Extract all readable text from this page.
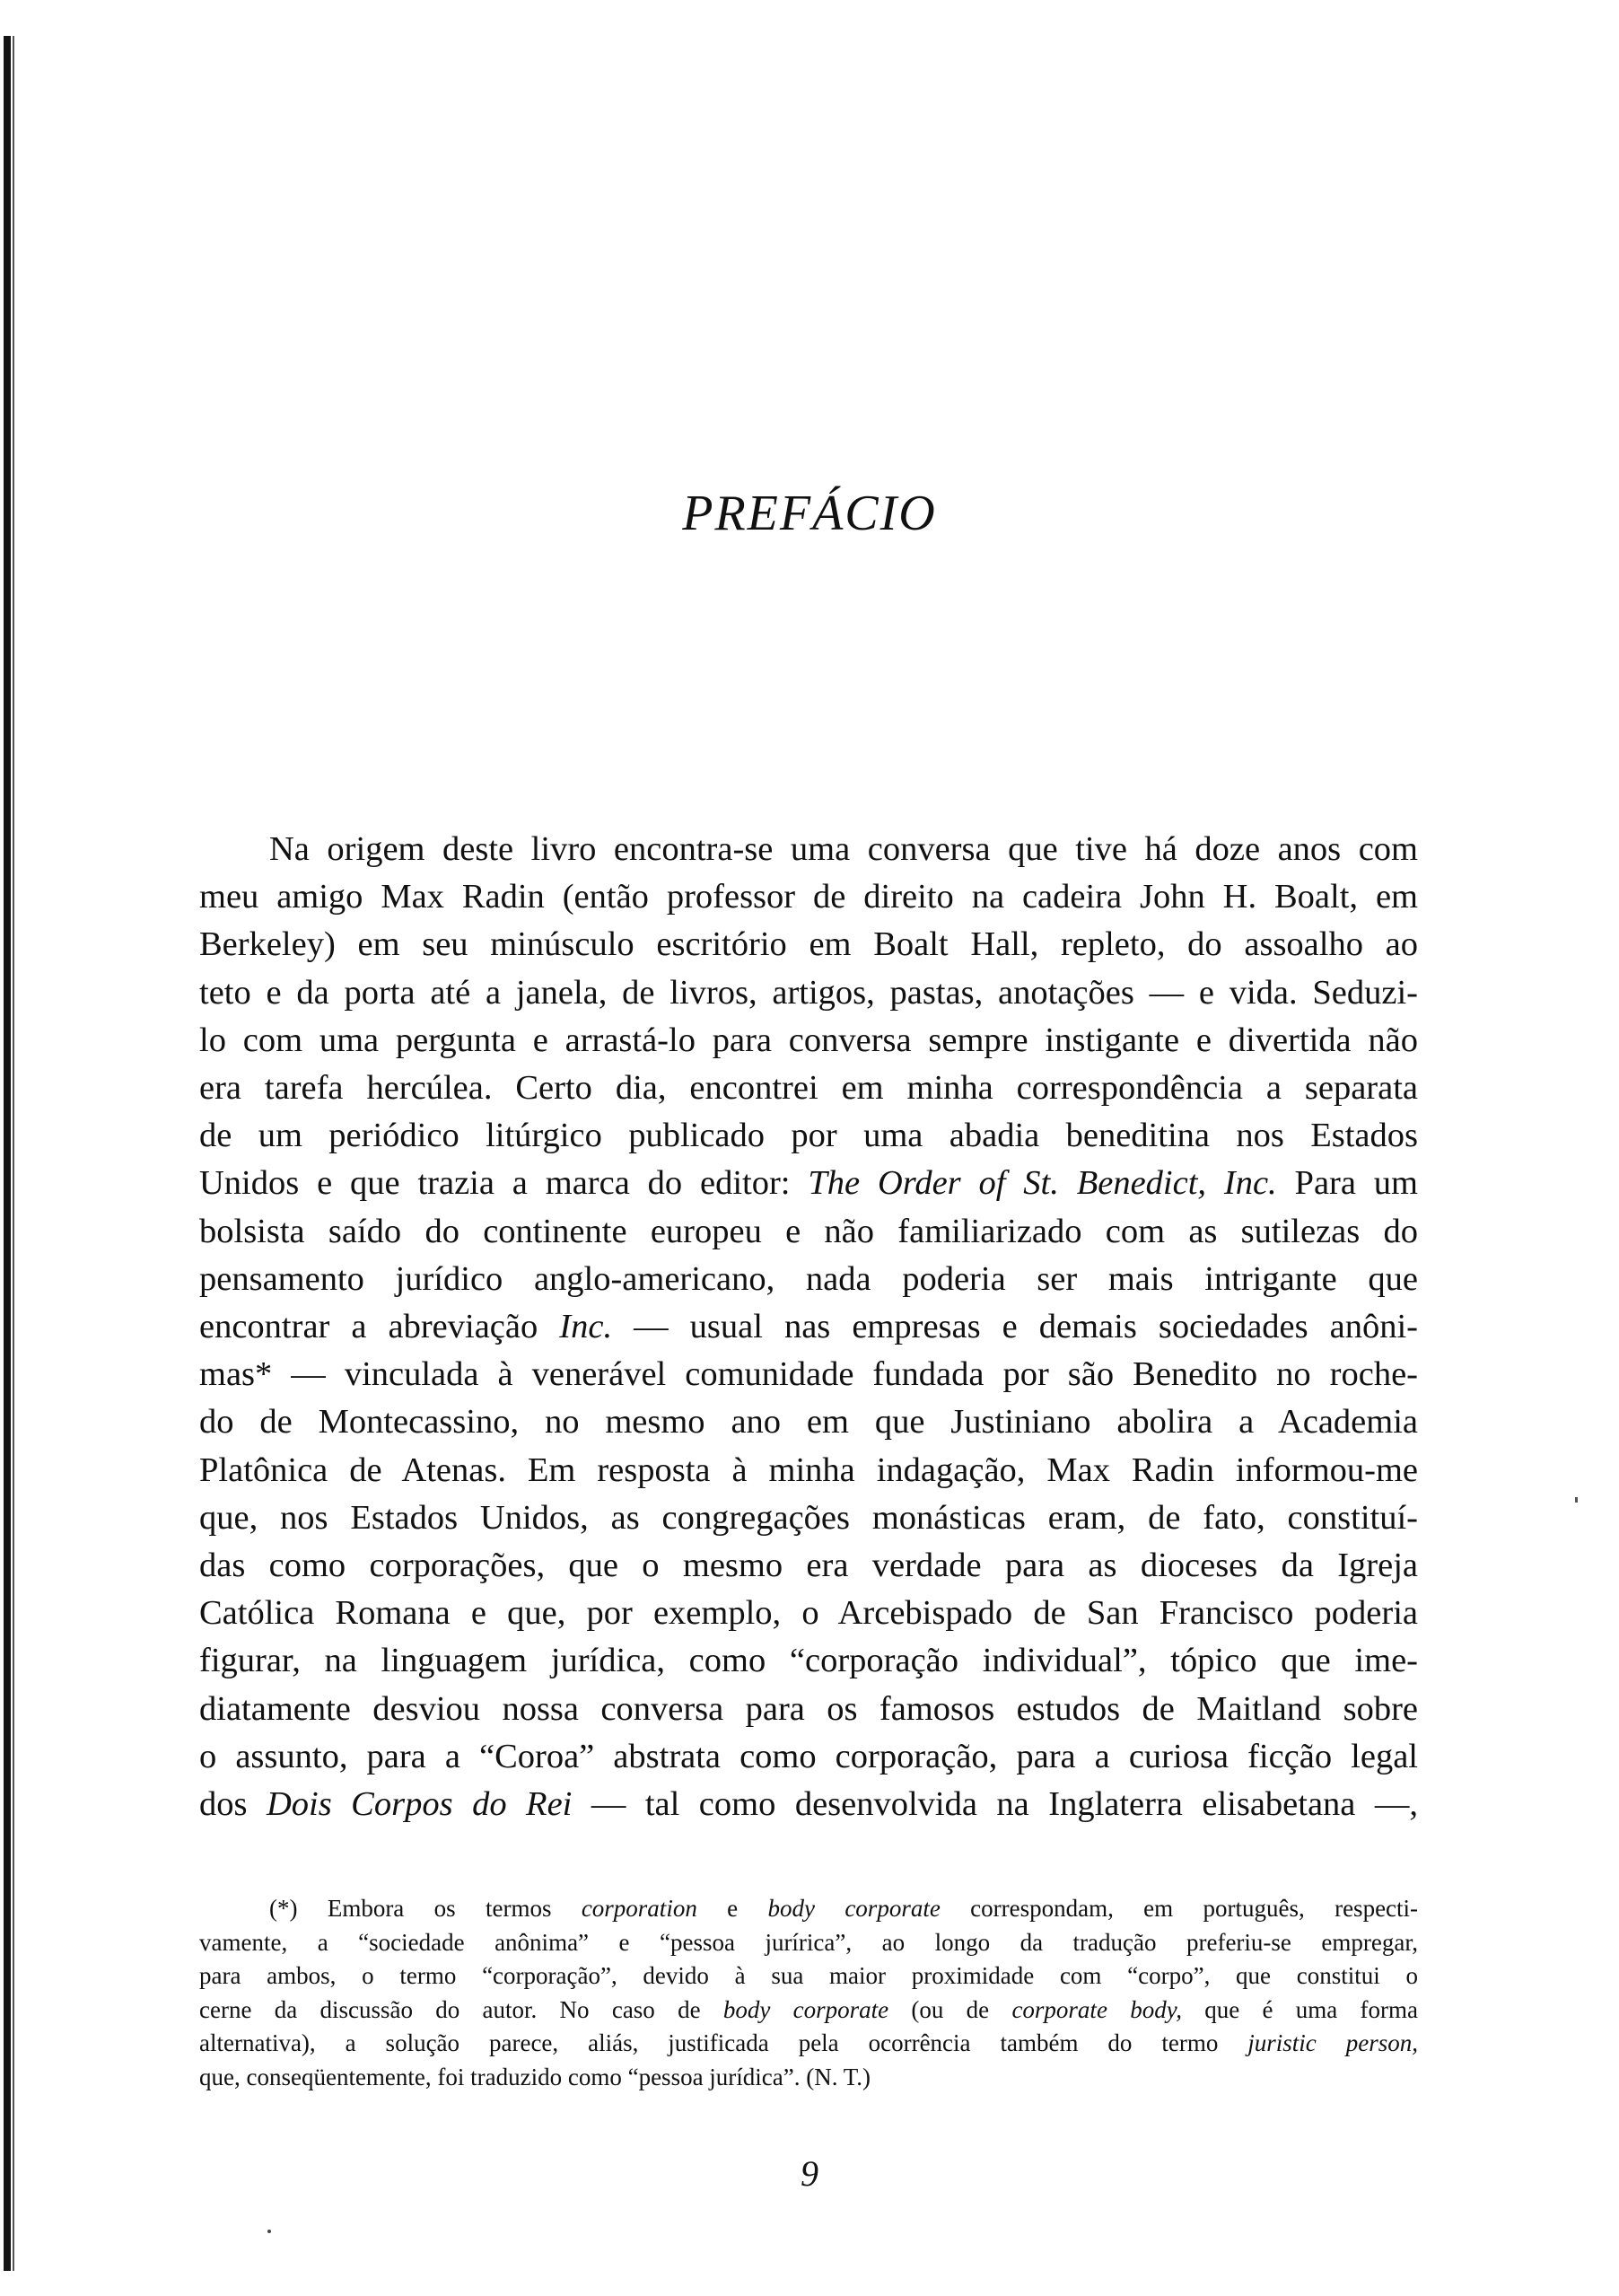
PREFÁCIO
Na origem deste livro encontra-se uma conversa que tive há doze anos com
meu amigo Max Radin (então professor de direito na cadeira John H. Boalt, em
Berkeley) em seu minúsculo escritório em Boalt Hall, repleto, do assoalho ao
teto e da porta até a janela, de livros, artigos, pastas, anotações — e vida. Seduzi-
lo com uma pergunta e arrastá-lo para conversa sempre instigante e divertida não
era tarefa hercúlea. Certo dia, encontrei em minha correspondência a separata
de um periódico litúrgico publicado por uma abadia beneditina nos Estados
Unidos e que trazia a marca do editor: The Order of St. Benedict, Inc. Para um
bolsista saído do continente europeu e não familiarizado com as sutilezas do
pensamento jurídico anglo-americano, nada poderia ser mais intrigante que
encontrar a abreviação Inc. — usual nas empresas e demais sociedades anôni-
mas* — vinculada à venerável comunidade fundada por são Benedito no roche-
do de Montecassino, no mesmo ano em que Justiniano abolira a Academia
Platônica de Atenas. Em resposta à minha indagação, Max Radin informou-me
que, nos Estados Unidos, as congregações monásticas eram, de fato, constituí-
das como corporações, que o mesmo era verdade para as dioceses da Igreja
Católica Romana e que, por exemplo, o Arcebispado de San Francisco poderia
figurar, na linguagem jurídica, como “corporação individual”, tópico que ime-
diatamente desviou nossa conversa para os famosos estudos de Maitland sobre
o assunto, para a “Coroa” abstrata como corporação, para a curiosa ficção legal
dos Dois Corpos do Rei — tal como desenvolvida na Inglaterra elisabetana —,
(*) Embora os termos corporation e body corporate correspondam, em português, respecti-
vamente, a “sociedade anônima” e “pessoa jurírica”, ao longo da tradução preferiu-se empregar,
para ambos, o termo “corporação”, devido à sua maior proximidade com “corpo”, que constitui o
cerne da discussão do autor. No caso de body corporate (ou de corporate body, que é uma forma
alternativa), a solução parece, aliás, justificada pela ocorrência também do termo juristic person,
que, conseqüentemente, foi traduzido como “pessoa jurídica”. (N. T.)
9
